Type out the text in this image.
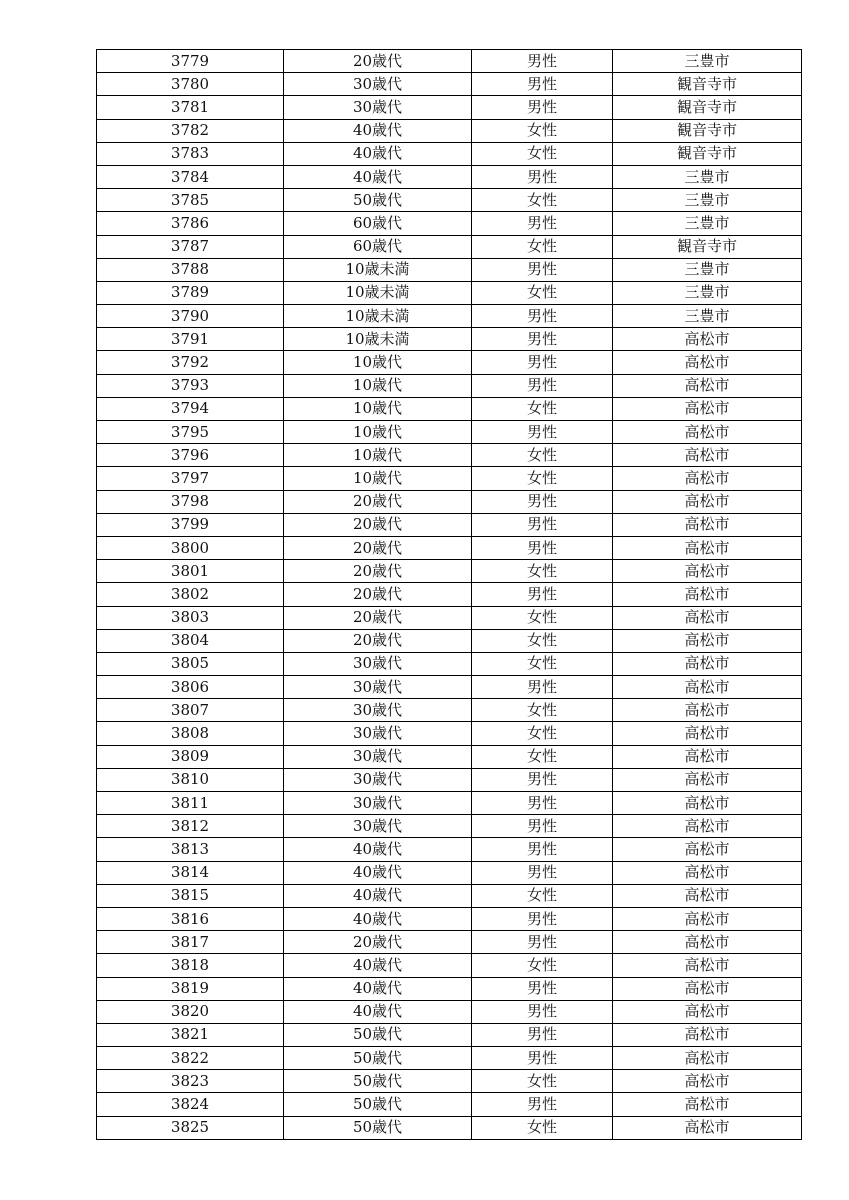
3779	20歳代	男性	三豊市
3780	30歳代	男性	観音寺市
3781	30歳代	男性	観音寺市
3782	40歳代	女性	観音寺市
3783	40歳代	女性	観音寺市
3784	40歳代	男性	三豊市
3785	50歳代	女性	三豊市
3786	60歳代	男性	三豊市
3787	60歳代	女性	観音寺市
3788	10歳未満	男性	三豊市
3789	10歳未満	女性	三豊市
3790	10歳未満	男性	三豊市
3791	10歳未満	男性	高松市
3792	10歳代	男性	高松市
3793	10歳代	男性	高松市
3794	10歳代	女性	高松市
3795	10歳代	男性	高松市
3796	10歳代	女性	高松市
3797	10歳代	女性	高松市
3798	20歳代	男性	高松市
3799	20歳代	男性	高松市
3800	20歳代	男性	高松市
3801	20歳代	女性	高松市
3802	20歳代	男性	高松市
3803	20歳代	女性	高松市
3804	20歳代	女性	高松市
3805	30歳代	女性	高松市
3806	30歳代	男性	高松市
3807	30歳代	女性	高松市
3808	30歳代	女性	高松市
3809	30歳代	女性	高松市
3810	30歳代	男性	高松市
3811	30歳代	男性	高松市
3812	30歳代	男性	高松市
3813	40歳代	男性	高松市
3814	40歳代	男性	高松市
3815	40歳代	女性	高松市
3816	40歳代	男性	高松市
3817	20歳代	男性	高松市
3818	40歳代	女性	高松市
3819	40歳代	男性	高松市
3820	40歳代	男性	高松市
3821	50歳代	男性	高松市
3822	50歳代	男性	高松市
3823	50歳代	女性	高松市
3824	50歳代	男性	高松市
3825	50歳代	女性	高松市
